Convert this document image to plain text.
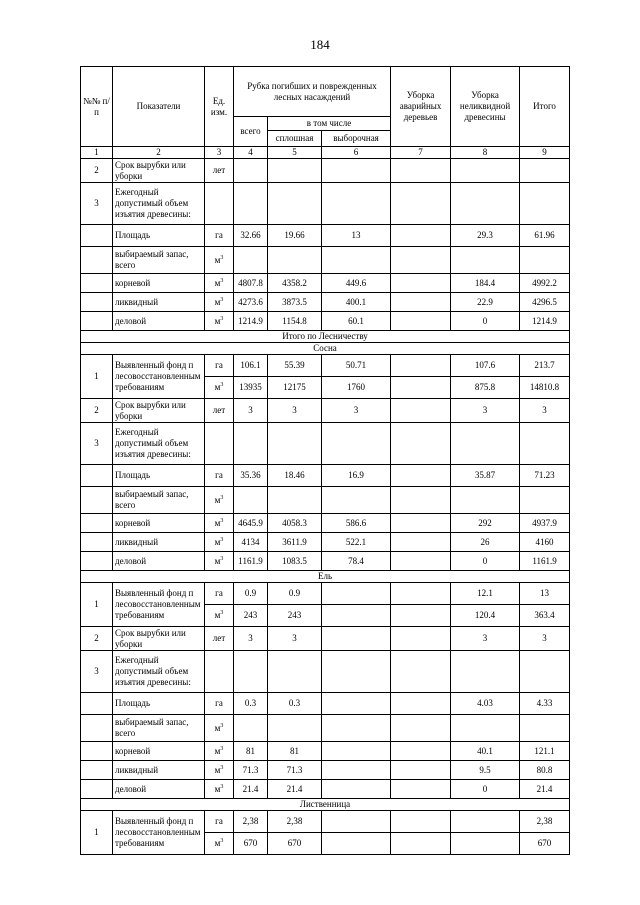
184
№№ п/п	Показатели	Ед. изм.	Рубка погибших и поврежденных лесных насаждений			Уборка аварийных деревьев	Уборка неликвидной древесины	Итого
			всего	в том числе				
				сплошная	выборочная			
1	2	3	4	5	6	7	8	9
2	Срок вырубки или уборки	лет						
3	Ежегодный допустимый объем изъятия древесины:							
	Площадь	га	32.66	19.66	13		29.3	61.96
	выбираемый запас, всего	$м^3$						
	корневой	$м^3$	4807.8	4358.2	449.6		184.4	4992.2
	ликвидный	$м^3$	4273.6	3873.5	400.1		22.9	4296.5
	деловой	$м^3$	1214.9	1154.8	60.1		0	1214.9
Итого по Лесничеству								
Сосна								
1	Выявленный фонд п лесовосстановленным требованиям	га	106.1	55.39	50.71		107.6	213.7
		$м^3$	13935	12175	1760		875.8	14810.8
2	Срок вырубки или уборки	лет	3	3	3		3	3
3	Ежегодный допустимый объем изъятия древесины:							
	Площадь	га	35.36	18.46	16.9		35.87	71.23
	выбираемый запас, всего	$м^3$						
	корневой	$м^3$	4645.9	4058.3	586.6		292	4937.9
	ликвидный	$м^3$	4134	3611.9	522.1		26	4160
	деловой	$м^3$	1161.9	1083.5	78.4		0	1161.9
Ель								
1	Выявленный фонд п лесовосстановленным требованиям	га	0.9	0.9			12.1	13
		$м^3$	243	243			120.4	363.4
2	Срок вырубки или уборки	лет	3	3			3	3
3	Ежегодный допустимый объем изъятия древесины:							
	Площадь	га	0.3	0.3			4.03	4.33
	выбираемый запас, всего	$м^3$						
	корневой	$м^3$	81	81			40.1	121.1
	ликвидный	$м^3$	71.3	71.3			9.5	80.8
	деловой	$м^3$	21.4	21.4			0	21.4
Лиственница								
1	Выявленный фонд п лесовосстановленным требованиям	га	2,38	2,38				2,38
		$м^3$	670	670				670
